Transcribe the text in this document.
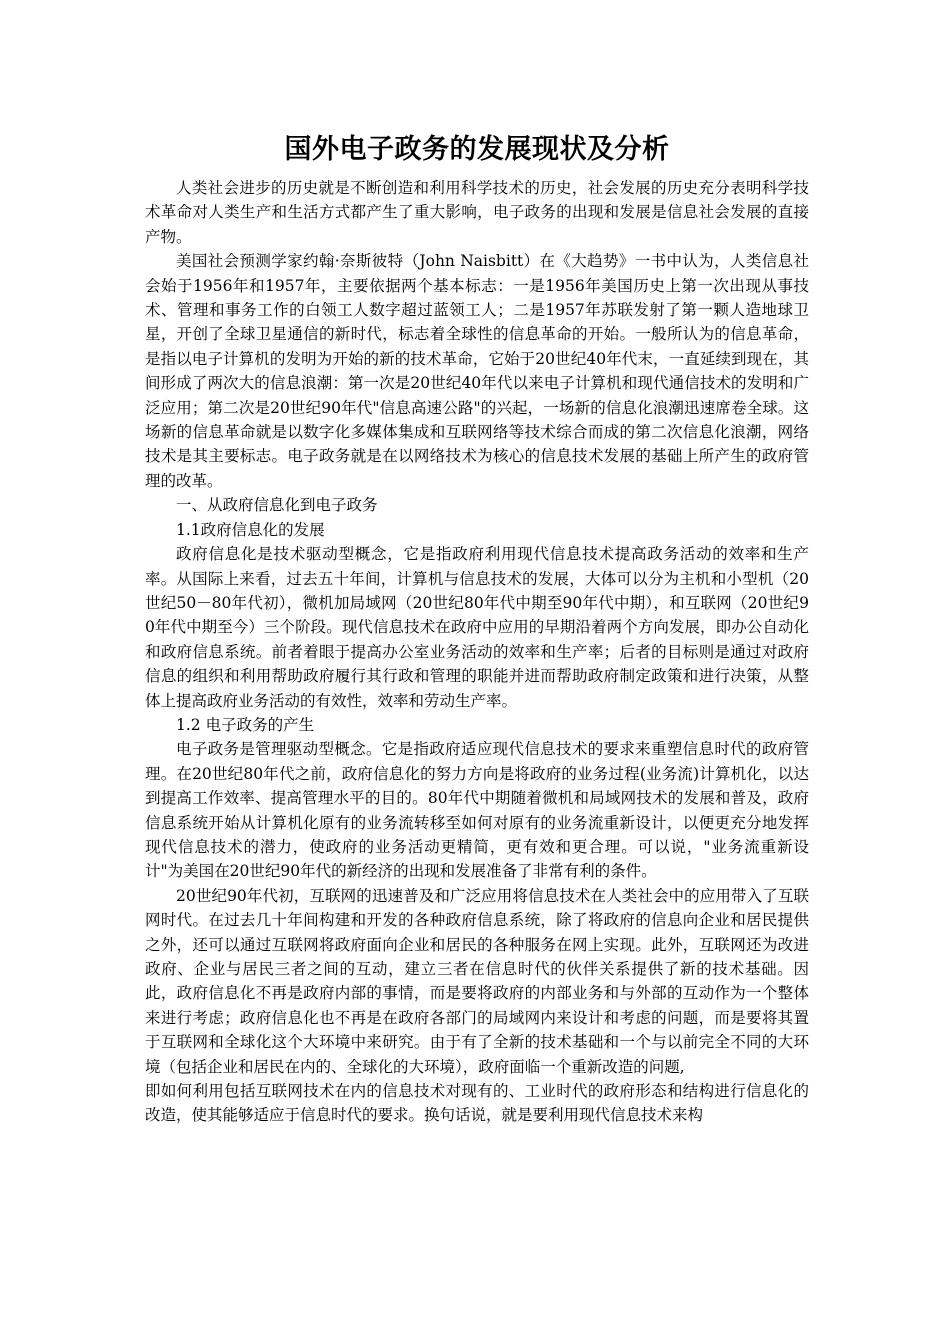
国外电子政务的发展现状及分析

人类社会进步的历史就是不断创造和利用科学技术的历史，社会发展的历史充分表明科学技术革命对人类生产和生活方式都产生了重大影响，电子政务的出现和发展是信息社会发展的直接产物。

美国社会预测学家约翰·奈斯彼特（John Naisbitt）在《大趋势》一书中认为，人类信息社会始于1956年和1957年，主要依据两个基本标志：一是1956年美国历史上第一次出现从事技术、管理和事务工作的白领工人数字超过蓝领工人；二是1957年苏联发射了第一颗人造地球卫星，开创了全球卫星通信的新时代，标志着全球性的信息革命的开始。一般所认为的信息革命，是指以电子计算机的发明为开始的新的技术革命，它始于20世纪40年代末，一直延续到现在，其间形成了两次大的信息浪潮：第一次是20世纪40年代以来电子计算机和现代通信技术的发明和广泛应用；第二次是20世纪90年代"信息高速公路"的兴起，一场新的信息化浪潮迅速席卷全球。这场新的信息革命就是以数字化多媒体集成和互联网络等技术综合而成的第二次信息化浪潮，网络技术是其主要标志。电子政务就是在以网络技术为核心的信息技术发展的基础上所产生的政府管理的改革。

一、从政府信息化到电子政务

1.1政府信息化的发展

政府信息化是技术驱动型概念，它是指政府利用现代信息技术提高政务活动的效率和生产率。从国际上来看，过去五十年间，计算机与信息技术的发展，大体可以分为主机和小型机（20世纪50－80年代初），微机加局域网（20世纪80年代中期至90年代中期），和互联网（20世纪90年代中期至今）三个阶段。现代信息技术在政府中应用的早期沿着两个方向发展，即办公自动化和政府信息系统。前者着眼于提高办公室业务活动的效率和生产率；后者的目标则是通过对政府信息的组织和利用帮助政府履行其行政和管理的职能并进而帮助政府制定政策和进行决策，从整体上提高政府业务活动的有效性，效率和劳动生产率。

1.2 电子政务的产生

电子政务是管理驱动型概念。它是指政府适应现代信息技术的要求来重塑信息时代的政府管理。在20世纪80年代之前，政府信息化的努力方向是将政府的业务过程(业务流)计算机化，以达到提高工作效率、提高管理水平的目的。80年代中期随着微机和局域网技术的发展和普及，政府信息系统开始从计算机化原有的业务流转移至如何对原有的业务流重新设计，以便更充分地发挥现代信息技术的潜力，使政府的业务活动更精简，更有效和更合理。可以说，"业务流重新设计"为美国在20世纪90年代的新经济的出现和发展准备了非常有利的条件。

20世纪90年代初，互联网的迅速普及和广泛应用将信息技术在人类社会中的应用带入了互联网时代。在过去几十年间构建和开发的各种政府信息系统，除了将政府的信息向企业和居民提供之外，还可以通过互联网将政府面向企业和居民的各种服务在网上实现。此外，互联网还为改进政府、企业与居民三者之间的互动，建立三者在信息时代的伙伴关系提供了新的技术基础。因此，政府信息化不再是政府内部的事情，而是要将政府的内部业务和与外部的互动作为一个整体来进行考虑；政府信息化也不再是在政府各部门的局域网内来设计和考虑的问题，而是要将其置于互联网和全球化这个大环境中来研究。由于有了全新的技术基础和一个与以前完全不同的大环境（包括企业和居民在内的、全球化的大环境），政府面临一个重新改造的问题,

即如何利用包括互联网技术在内的信息技术对现有的、工业时代的政府形态和结构进行信息化的改造，使其能够适应于信息时代的要求。换句话说，就是要利用现代信息技术来构
